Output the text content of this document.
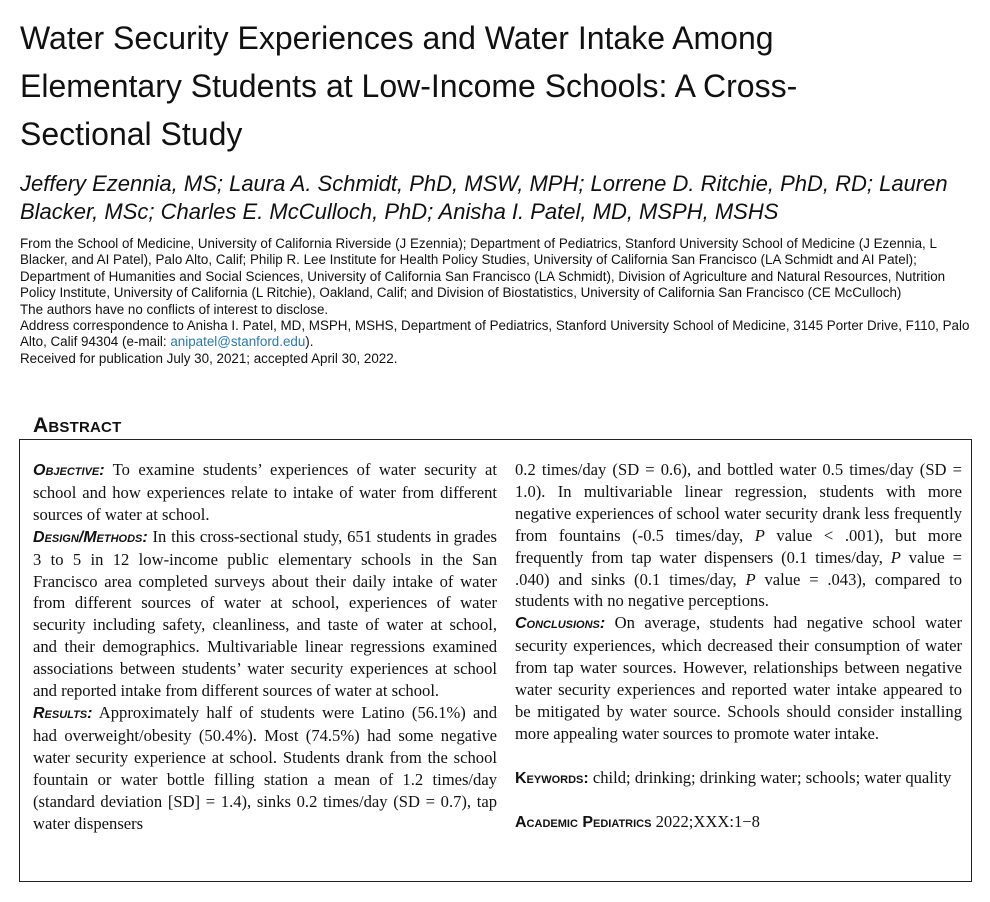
Water Security Experiences and Water Intake Among Elementary Students at Low-Income Schools: A Cross-Sectional Study

Jeffery Ezennia, MS; Laura A. Schmidt, PhD, MSW, MPH; Lorrene D. Ritchie, PhD, RD; Lauren Blacker, MSc; Charles E. McCulloch, PhD; Anisha I. Patel, MD, MSPH, MSHS

From the School of Medicine, University of California Riverside (J Ezennia); Department of Pediatrics, Stanford University School of Medicine (J Ezennia, L Blacker, and AI Patel), Palo Alto, Calif; Philip R. Lee Institute for Health Policy Studies, University of California San Francisco (LA Schmidt and AI Patel); Department of Humanities and Social Sciences, University of California San Francisco (LA Schmidt), Division of Agriculture and Natural Resources, Nutrition Policy Institute, University of California (L Ritchie), Oakland, Calif; and Division of Biostatistics, University of California San Francisco (CE McCulloch)
The authors have no conflicts of interest to disclose.
Address correspondence to Anisha I. Patel, MD, MSPH, MSHS, Department of Pediatrics, Stanford University School of Medicine, 3145 Porter Drive, F110, Palo Alto, Calif 94304 (e-mail: anipatel@stanford.edu).
Received for publication July 30, 2021; accepted April 30, 2022.
Abstract

Objective: To examine students’ experiences of water security at school and how experiences relate to intake of water from different sources of water at school.

Design/Methods: In this cross-sectional study, 651 students in grades 3 to 5 in 12 low-income public elementary schools in the San Francisco area completed surveys about their daily intake of water from different sources of water at school, experiences of water security including safety, cleanliness, and taste of water at school, and their demographics. Multivariable linear regressions examined associations between students’ water security experiences at school and reported intake from different sources of water at school.

Results: Approximately half of students were Latino (56.1%) and had overweight/obesity (50.4%). Most (74.5%) had some negative water security experience at school. Students drank from the school fountain or water bottle filling station a mean of 1.2 times/day (standard deviation [SD] = 1.4), sinks 0.2 times/day (SD = 0.7), tap water dispensers

0.2 times/day (SD = 0.6), and bottled water 0.5 times/day (SD = 1.0). In multivariable linear regression, students with more negative experiences of school water security drank less frequently from fountains (-0.5 times/day, P value < .001), but more frequently from tap water dispensers (0.1 times/day, P value = .040) and sinks (0.1 times/day, P value = .043), compared to students with no negative perceptions.

Conclusions: On average, students had negative school water security experiences, which decreased their consumption of water from tap water sources. However, relationships between negative water security experiences and reported water intake appeared to be mitigated by water source. Schools should consider installing more appealing water sources to promote water intake.

Keywords: child; drinking; drinking water; schools; water quality

Academic Pediatrics 2022;XXX:1−8
